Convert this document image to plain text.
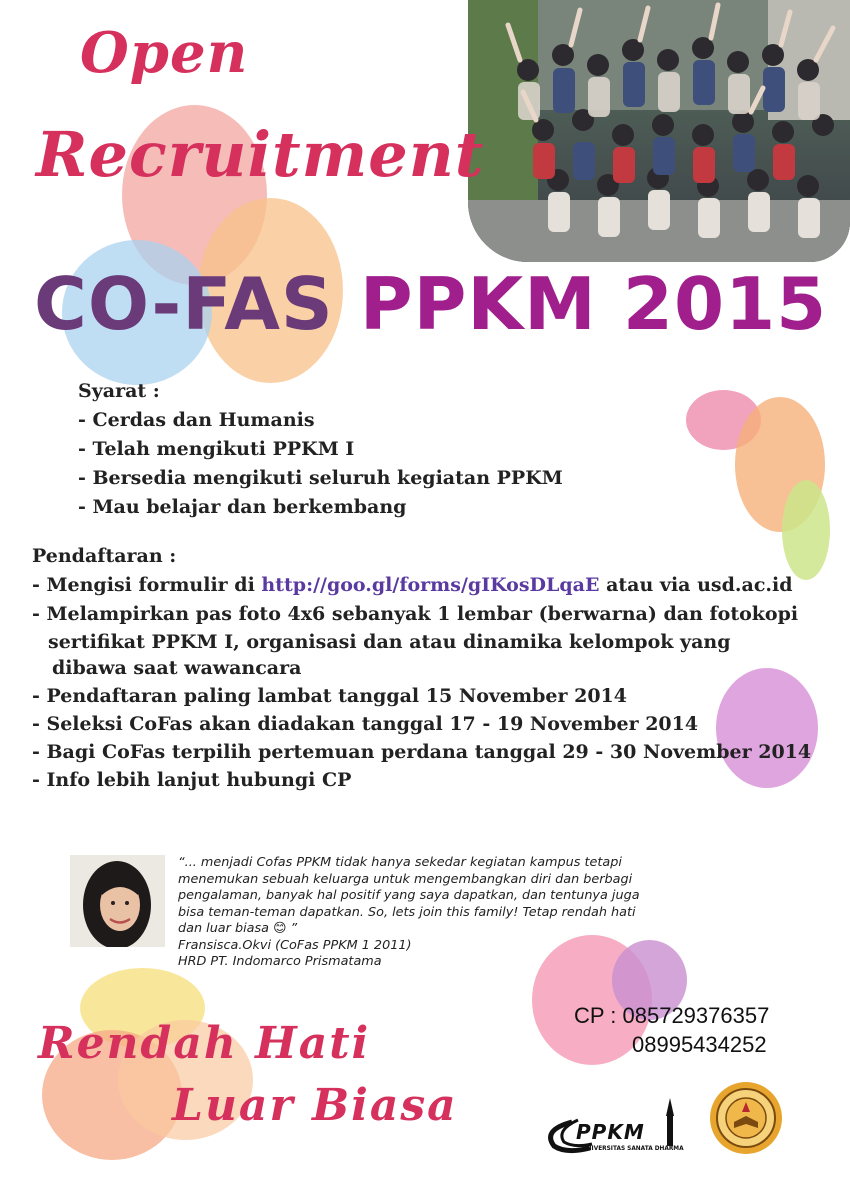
Open
Recruitment
CO-FAS PPKM 2015
Syarat :
- Cerdas dan Humanis
- Telah mengikuti PPKM I
- Bersedia mengikuti seluruh kegiatan PPKM
- Mau belajar dan berkembang
Pendaftaran :
- Mengisi formulir di http://goo.gl/forms/gIKosDLqaE atau via usd.ac.id
- Melampirkan pas foto 4x6 sebanyak 1 lembar (berwarna) dan fotokopi
sertifikat PPKM I, organisasi dan atau dinamika kelompok yang
dibawa saat wawancara
- Pendaftaran paling lambat tanggal 15 November 2014
- Seleksi CoFas akan diadakan tanggal 17 - 19 November 2014
- Bagi CoFas terpilih pertemuan perdana tanggal 29 - 30 November 2014
- Info lebih lanjut hubungi CP

“... menjadi Cofas PPKM tidak hanya sekedar kegiatan kampus tetapi

menemukan sebuah keluarga untuk mengembangkan diri dan berbagi

pengalaman, banyak hal positif yang saya dapatkan, dan tentunya juga

bisa teman-teman dapatkan. So, lets join this family! Tetap rendah hati

dan luar biasa 😊 ”

Fransisca.Okvi (CoFas PPKM 1 2011)

HRD PT. Indomarco Prismatama

CP : 085729376357
08995434252
Rendah Hati
Luar Biasa
PPKM
UNIVERSITAS SANATA DHARMA
